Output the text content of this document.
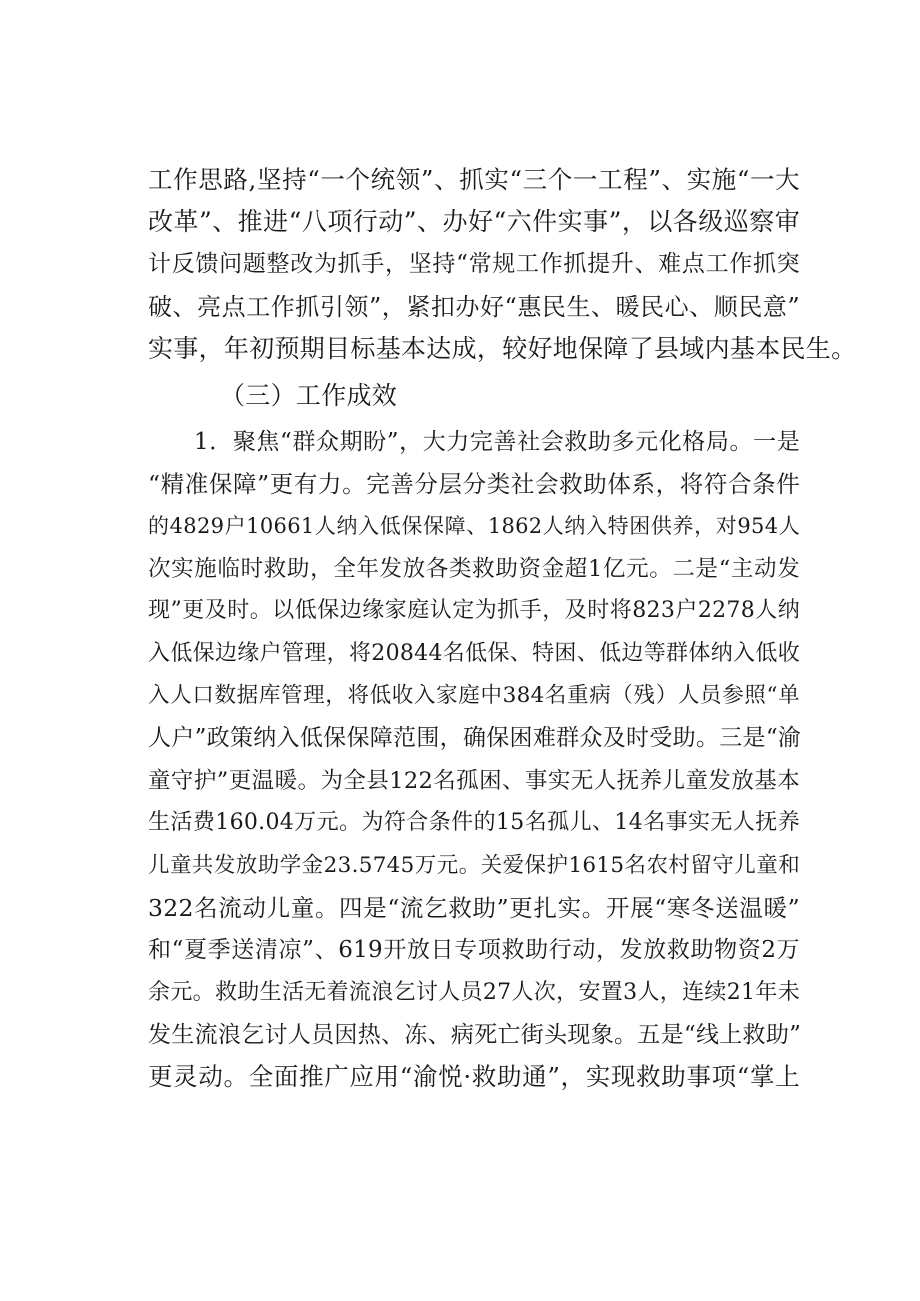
工作思路,坚持“一个统领”、抓实“三个一工程”、实施“一大
改革”、推进“八项行动”、办好“六件实事”，以各级巡察审
计反馈问题整改为抓手，坚持“常规工作抓提升、难点工作抓突
破、亮点工作抓引领”，紧扣办好“惠民生、暖民心、顺民意”
实事，年初预期目标基本达成，较好地保障了县域内基本民生。
（三）工作成效
1．聚焦“群众期盼”，大力完善社会救助多元化格局。一是
“精准保障”更有力。完善分层分类社会救助体系，将符合条件
的4829户10661人纳入低保保障、1862人纳入特困供养，对954人
次实施临时救助，全年发放各类救助资金超1亿元。二是“主动发
现”更及时。以低保边缘家庭认定为抓手，及时将823户2278人纳
入低保边缘户管理，将20844名低保、特困、低边等群体纳入低收
入人口数据库管理，将低收入家庭中384名重病（残）人员参照“单
人户”政策纳入低保保障范围，确保困难群众及时受助。三是“渝
童守护”更温暖。为全县122名孤困、事实无人抚养儿童发放基本
生活费160.04万元。为符合条件的15名孤儿、14名事实无人抚养
儿童共发放助学金23.5745万元。关爱保护1615名农村留守儿童和
322名流动儿童。四是“流乞救助”更扎实。开展“寒冬送温暖”
和“夏季送清凉”、619开放日专项救助行动，发放救助物资2万
余元。救助生活无着流浪乞讨人员27人次，安置3人，连续21年未
发生流浪乞讨人员因热、冻、病死亡街头现象。五是“线上救助”
更灵动。全面推广应用“渝悦·救助通”，实现救助事项“掌上
